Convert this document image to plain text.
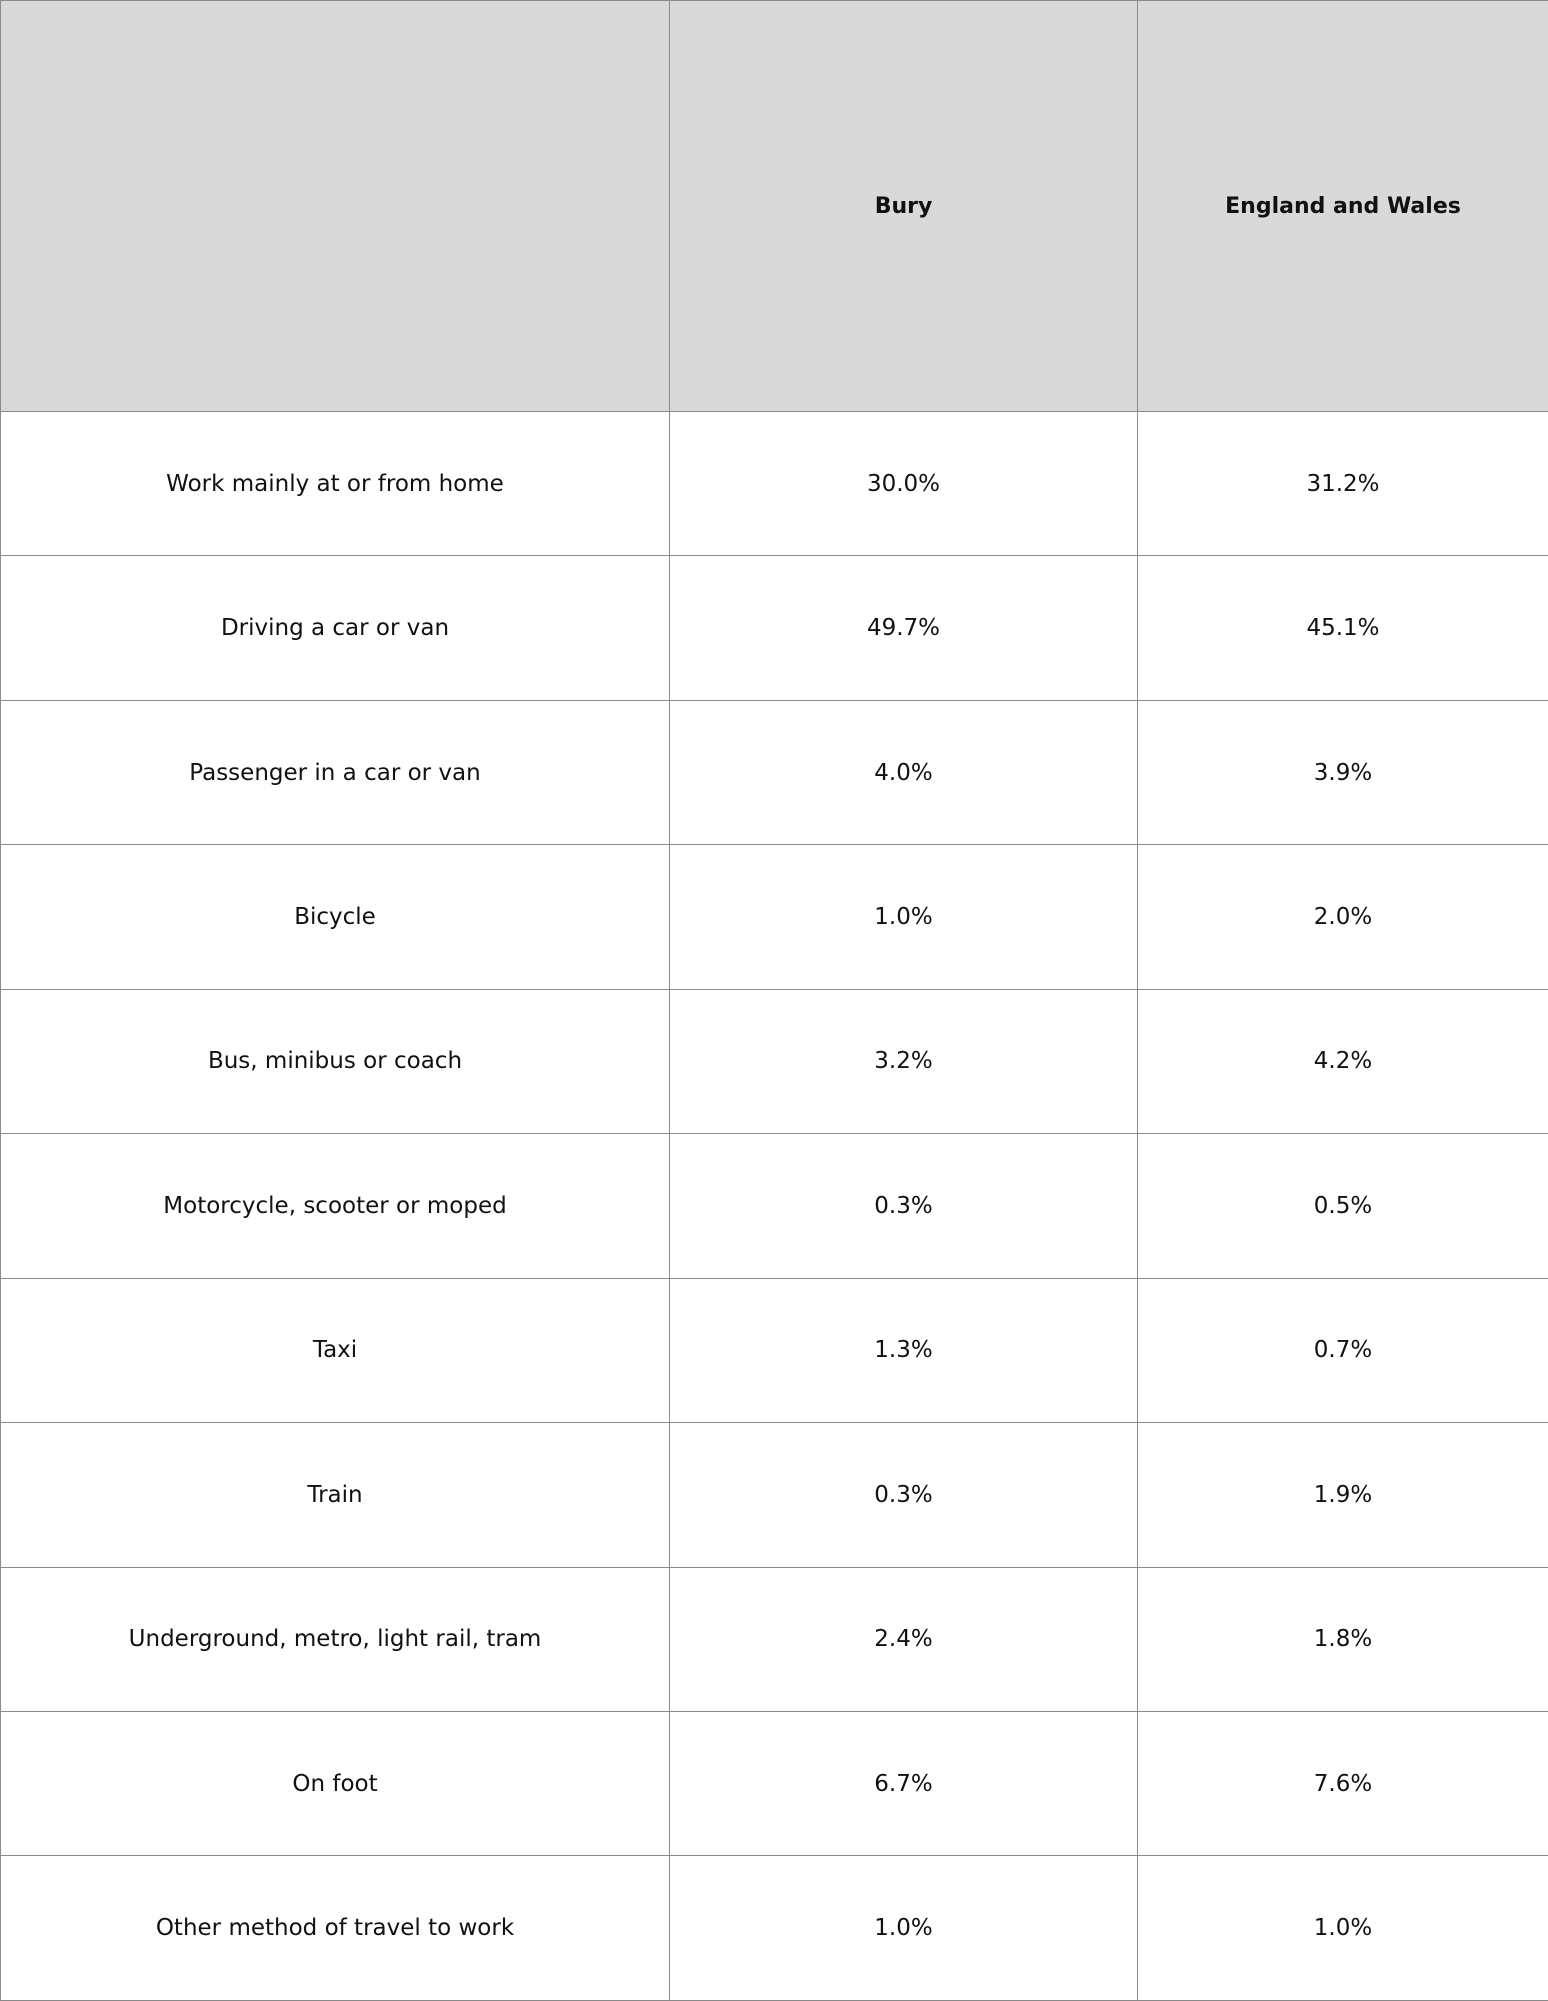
	Bury	England and Wales
Work mainly at or from home	30.0%	31.2%
Driving a car or van	49.7%	45.1%
Passenger in a car or van	4.0%	3.9%
Bicycle	1.0%	2.0%
Bus, minibus or coach	3.2%	4.2%
Motorcycle, scooter or moped	0.3%	0.5%
Taxi	1.3%	0.7%
Train	0.3%	1.9%
Underground, metro, light rail, tram	2.4%	1.8%
On foot	6.7%	7.6%
Other method of travel to work	1.0%	1.0%
